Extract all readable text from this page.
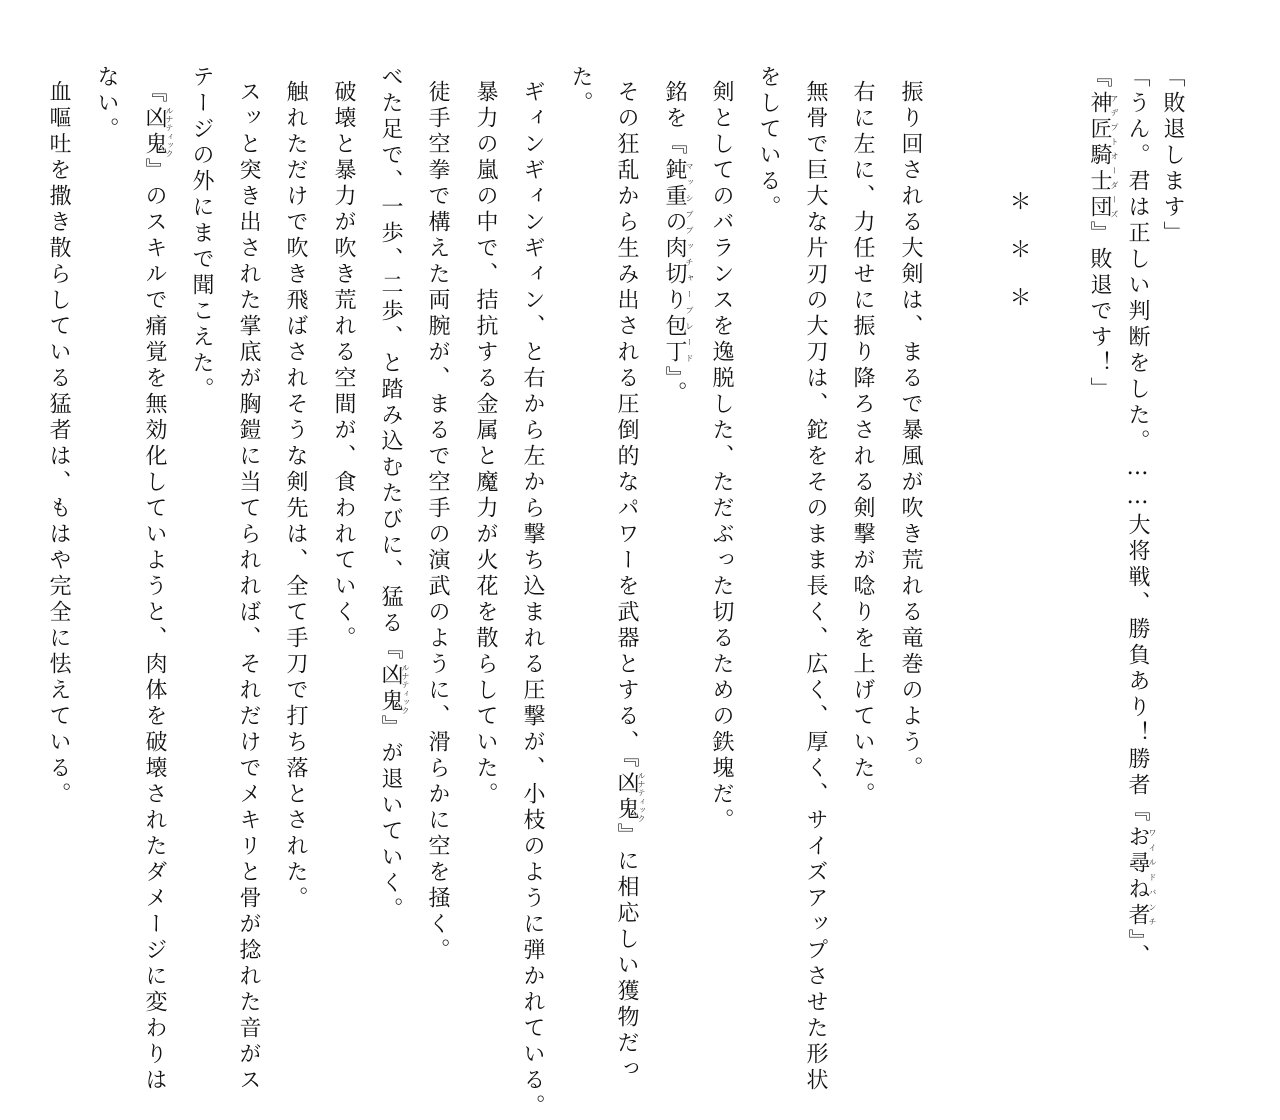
＊＊＊
「敗退します」
「うん。君は正しい判断をした。……大将戦、勝負あり！勝者『お尋ね者ワイルドバンチ』、
『神匠騎士団アデプトオーダーズ』敗退です！」
振り回される大剣は、まるで暴風が吹き荒れる竜巻のよう。
右に左に、力任せに振り降ろされる剣撃が唸りを上げていた。
無骨で巨大な片刃の大刀は、鉈をそのまま長く、広く、厚く、サイズアップさせた形状
をしている。
剣としてのバランスを逸脱した、ただぶった切るための鉄塊だ。
銘を『鈍重の肉切り包丁マッシブブッチャーブレード』。
その狂乱から生み出される圧倒的なパワーを武器とする、『凶鬼ルナティック』に相応しい獲物だっ
た。
ギィンギィンギィン、と右から左から撃ち込まれる圧撃が、小枝のように弾かれている。
暴力の嵐の中で、拮抗する金属と魔力が火花を散らしていた。
徒手空拳で構えた両腕が、まるで空手の演武のように、滑らかに空を掻く。
べた足で、一歩、二歩、と踏み込むたびに、猛る『凶鬼ルナティック』が退いていく。
破壊と暴力が吹き荒れる空間が、食われていく。
触れただけで吹き飛ばされそうな剣先は、全て手刀で打ち落とされた。
スッと突き出された掌底が胸鎧に当てられれば、それだけでメキリと骨が捻れた音がス
テージの外にまで聞こえた。
『凶鬼ルナティック』のスキルで痛覚を無効化していようと、肉体を破壊されたダメージに変わりは
ない。
血嘔吐を撒き散らしている猛者は、もはや完全に怯えている。
